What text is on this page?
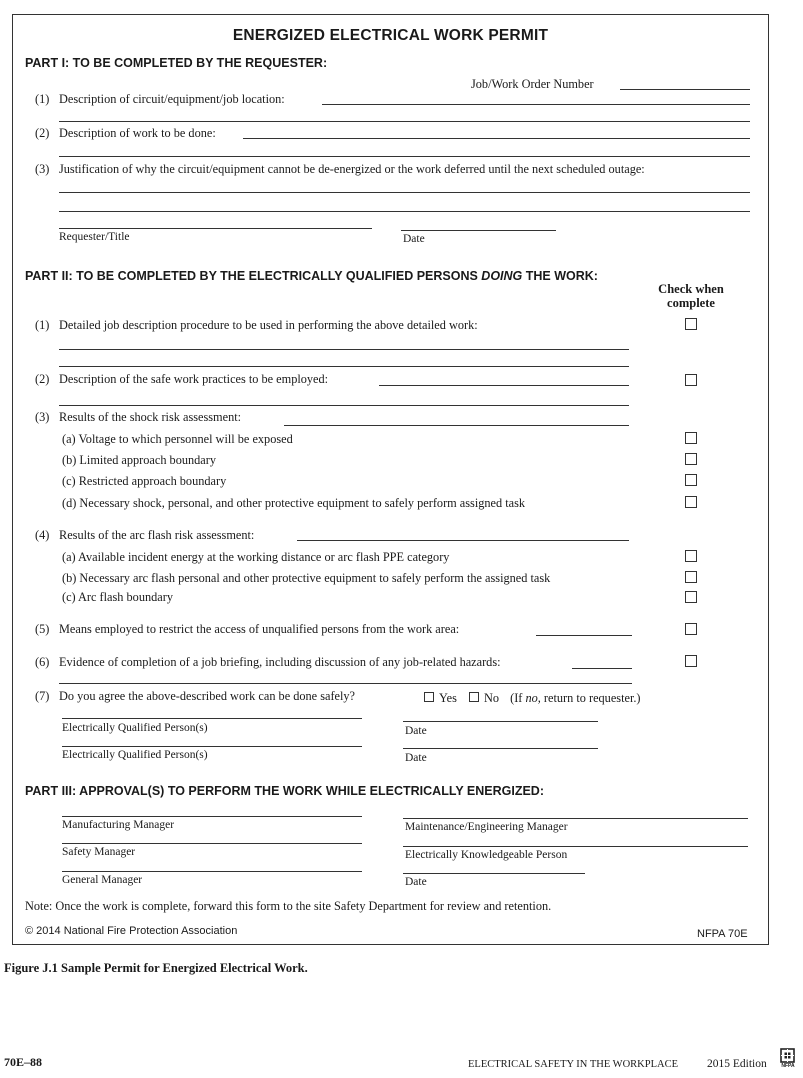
ENERGIZED ELECTRICAL WORK PERMIT
PART I: TO BE COMPLETED BY THE REQUESTER:
Job/Work Order Number
(1) Description of circuit/equipment/job location:
(2) Description of work to be done:
(3) Justification of why the circuit/equipment cannot be de-energized or the work deferred until the next scheduled outage:
Requester/Title	Date
PART II: TO BE COMPLETED BY THE ELECTRICALLY QUALIFIED PERSONS DOING THE WORK:
Check when
complete
(1) Detailed job description procedure to be used in performing the above detailed work:
(2) Description of the safe work practices to be employed:
(3) Results of the shock risk assessment:
(a) Voltage to which personnel will be exposed
(b) Limited approach boundary
(c) Restricted approach boundary
(d) Necessary shock, personal, and other protective equipment to safely perform assigned task
(4) Results of the arc flash risk assessment:
(a) Available incident energy at the working distance or arc flash PPE category
(b) Necessary arc flash personal and other protective equipment to safely perform the assigned task
(c) Arc flash boundary
(5) Means employed to restrict the access of unqualified persons from the work area:
(6) Evidence of completion of a job briefing, including discussion of any job-related hazards:
(7) Do you agree the above-described work can be done safely?	Yes No (If no, return to requester.)
Electrically Qualified Person(s)	Date
Electrically Qualified Person(s)	Date
PART III: APPROVAL(S) TO PERFORM THE WORK WHILE ELECTRICALLY ENERGIZED:
Manufacturing Manager	Maintenance/Engineering Manager
Safety Manager	Electrically Knowledgeable Person
General Manager	Date
Note: Once the work is complete, forward this form to the site Safety Department for review and retention.
© 2014 National Fire Protection Association	NFPA 70E
Figure J.1 Sample Permit for Energized Electrical Work.
70E–88	ELECTRICAL SAFETY IN THE WORKPLACE	2015 Edition	NFPA
